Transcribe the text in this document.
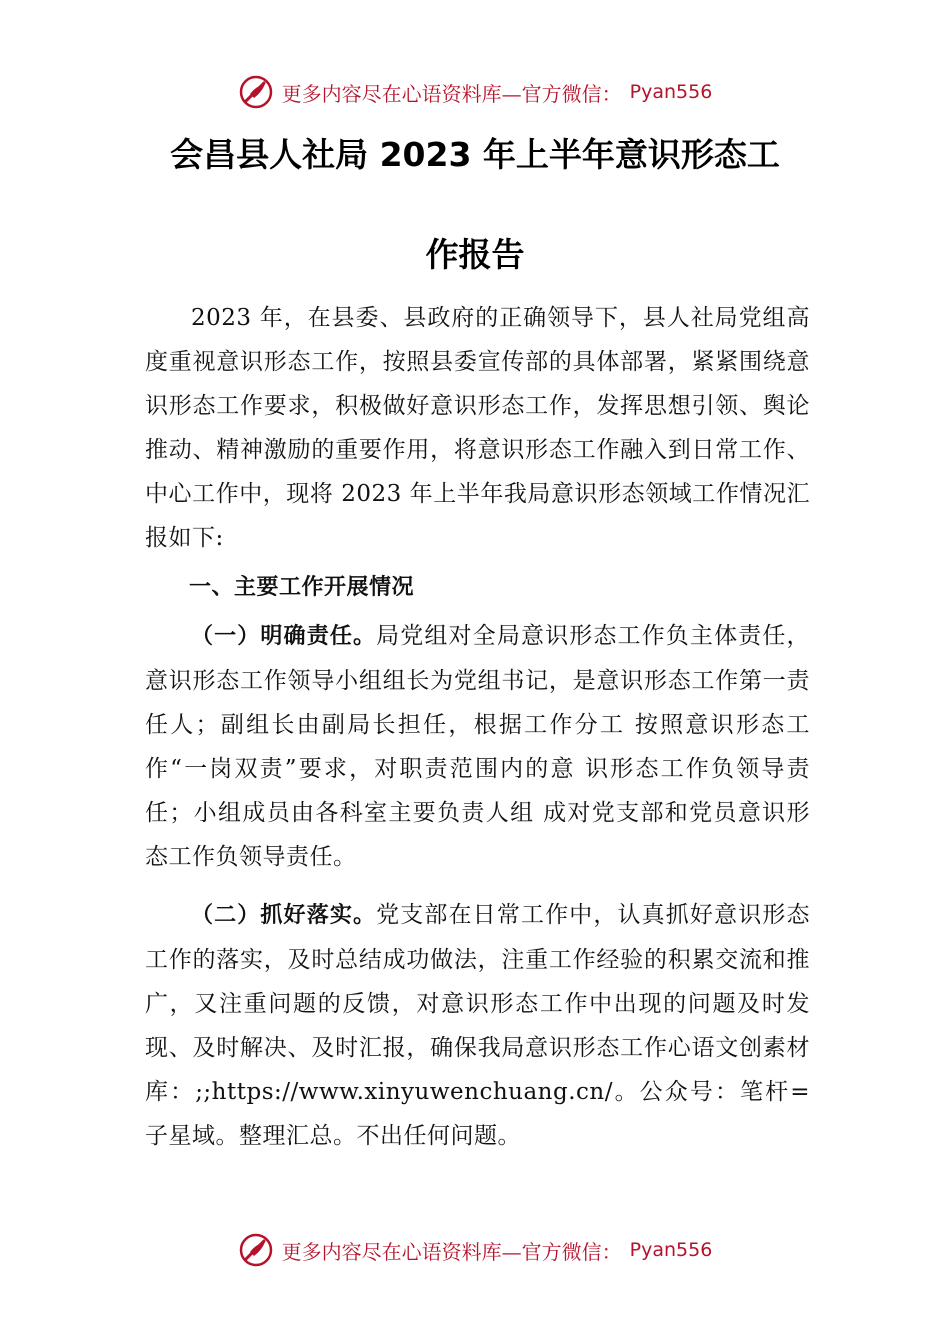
更多内容尽在心语资料库—官方微信： Pyan556
会昌县人社局 2023 年上半年意识形态工
作报告

2023 年，在县委、县政府的正确领导下，县人社局党组高度重视意识形态工作，按照县委宣传部的具体部署，紧紧围绕意识形态工作要求，积极做好意识形态工作，发挥思想引领、舆论推动、精神激励的重要作用，将意识形态工作融入到日常工作、中心工作中，现将 2023 年上半年我局意识形态领域工作情况汇报如下:

一、主要工作开展情况

（一）明确责任。局党组对全局意识形态工作负主体责任，意识形态工作领导小组组长为党组书记，是意识形态工作第一责任人；副组长由副局长担任，根据工作分工 按照意识形态工作“一岗双责”要求，对职责范围内的意 识形态工作负领导责任；小组成员由各科室主要负责人组 成对党支部和党员意识形态工作负领导责任。

（二）抓好落实。党支部在日常工作中，认真抓好意识形态工作的落实，及时总结成功做法，注重工作经验的积累交流和推广，又注重问题的反馈，对意识形态工作中出现的问题及时发现、及时解决、及时汇报，确保我局意识形态工作心语文创素材库：;;https://www.xinyuwenchuang.cn/。公众号：笔杆=子星域。整理汇总。不出任何问题。

更多内容尽在心语资料库—官方微信： Pyan556
